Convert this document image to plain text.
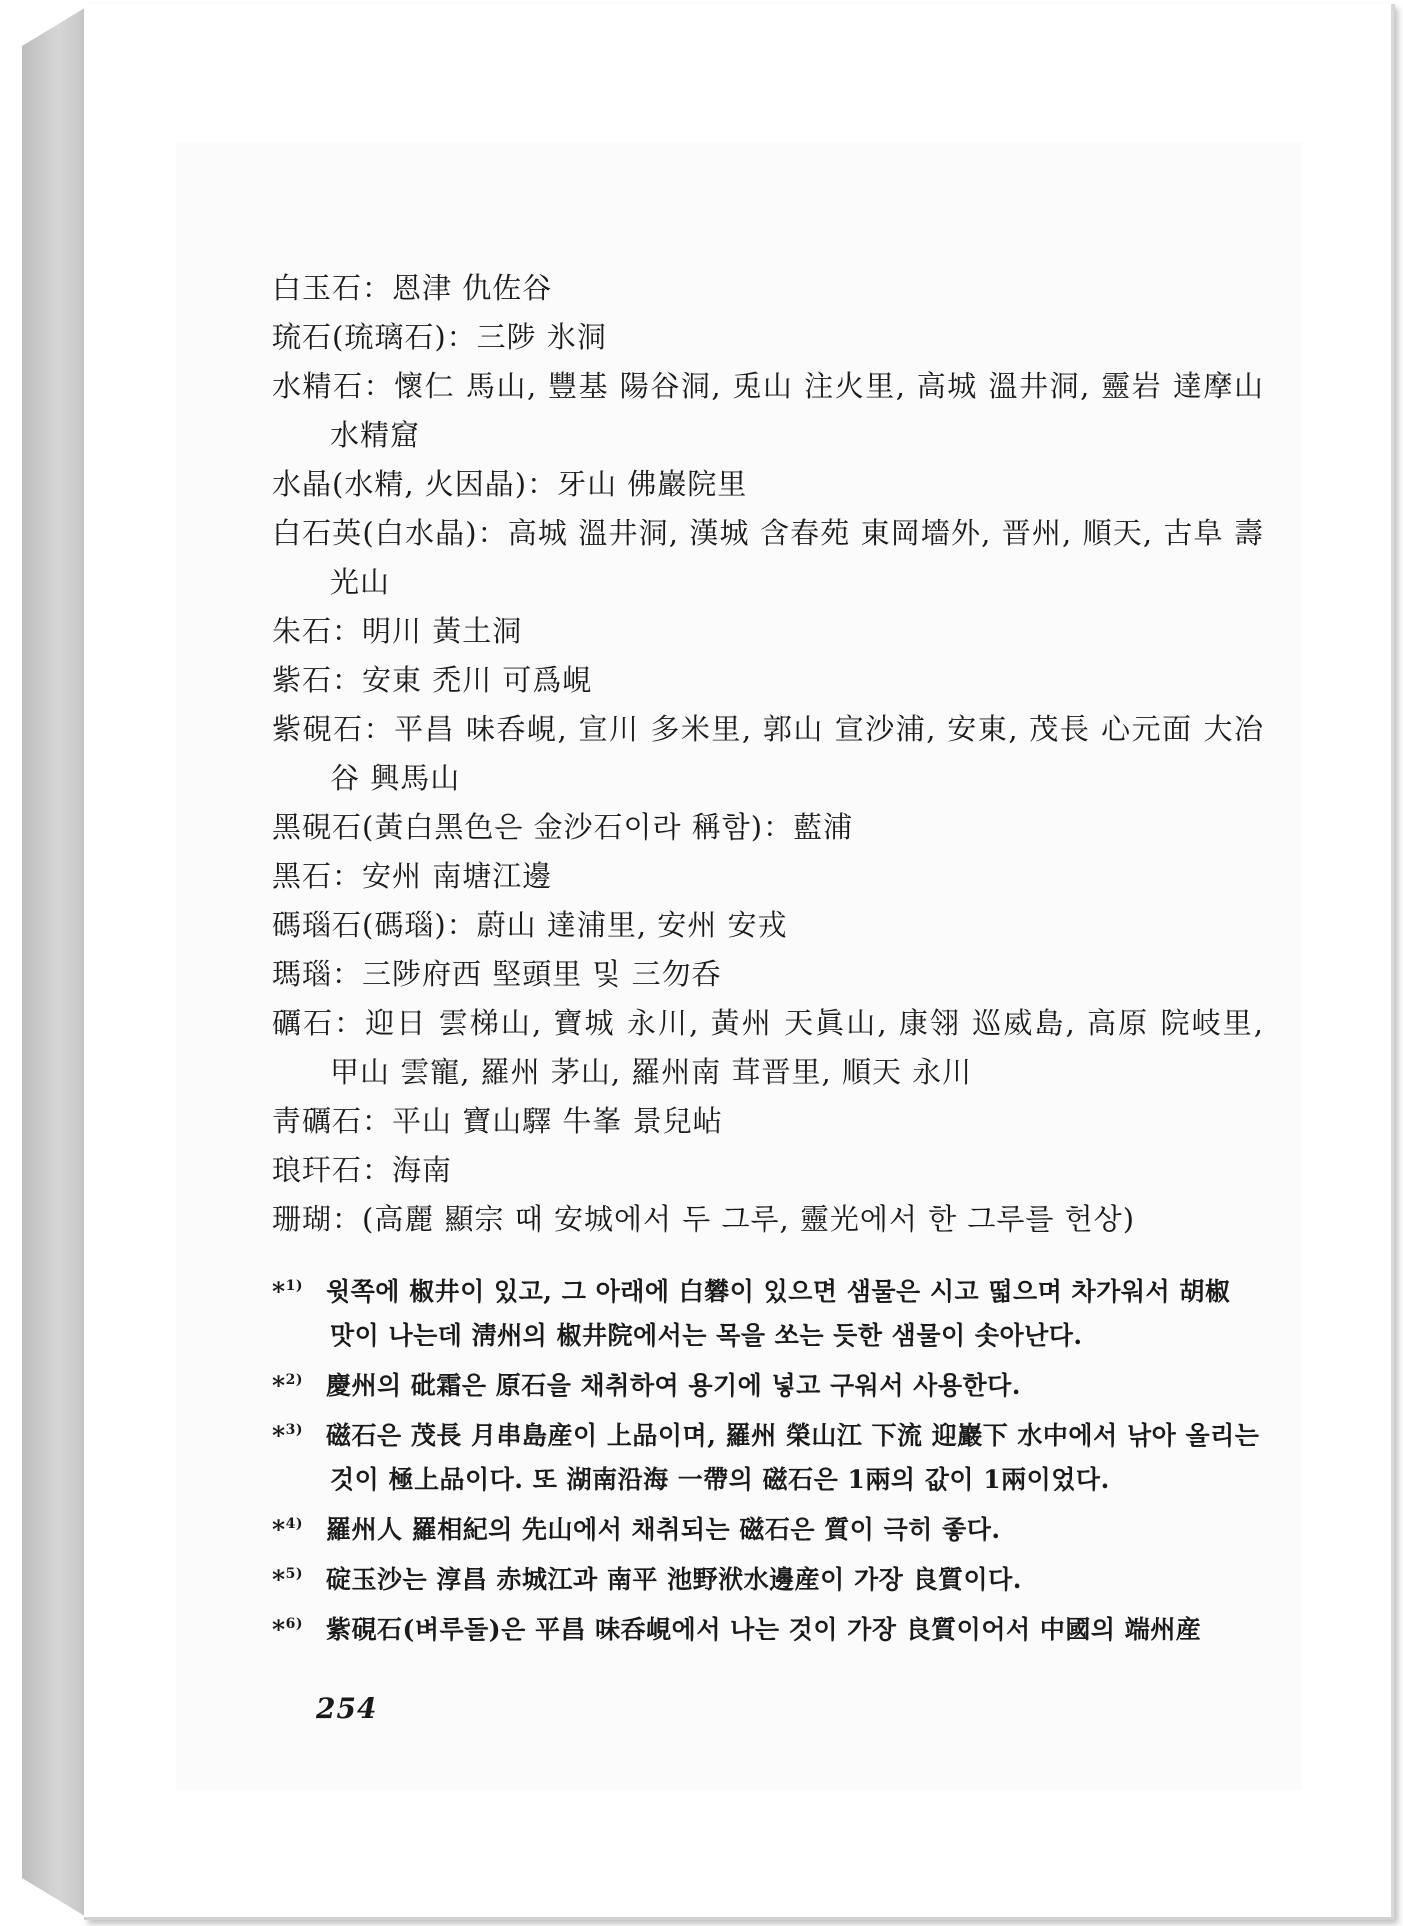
白玉石：恩津 仇佐谷

琉石(琉璃石)：三陟 氷洞

水精石：懷仁 馬山, 豐基 陽谷洞, 兎山 注火里, 高城 溫井洞, 靈岩 達摩山 水精窟

水晶(水精, 火因晶)：牙山 佛巖院里

白石英(白水晶)：高城 溫井洞, 漢城 含春苑 東岡墻外, 晋州, 順天, 古阜 壽光山

朱石：明川 黃土洞

紫石：安東 禿川 可爲峴

紫硯石：平昌 味呑峴, 宣川 多米里, 郭山 宣沙浦, 安東, 茂長 心元面 大冶谷 興馬山

黑硯石(黃白黑色은 金沙石이라 稱함)：藍浦

黑石：安州 南塘江邊

碼瑙石(碼瑙)：蔚山 達浦里, 安州 安戎

瑪瑙：三陟府西 堅頭里 및 三勿呑

礪石：迎日 雲梯山, 寶城 永川, 黃州 天眞山, 康翎 巡威島, 高原 院岐里, 甲山 雲寵, 羅州 茅山, 羅州南 茸晋里, 順天 永川

靑礪石：平山 寶山驛 牛峯 景兒岾

琅玕石：海南

珊瑚：(高麗 顯宗 때 安城에서 두 그루, 靈光에서 한 그루를 헌상)

*$^{1)}$ 윗쪽에 椒井이 있고, 그 아래에 白礬이 있으면 샘물은 시고 떫으며 차가워서 胡椒 맛이 나는데 淸州의 椒井院에서는 목을 쏘는 듯한 샘물이 솟아난다.

*$^{2)}$ 慶州의 砒霜은 原石을 채취하여 용기에 넣고 구워서 사용한다.

*$^{3)}$ 磁石은 茂長 月串島産이 上品이며, 羅州 榮山江 下流 迎巖下 水中에서 낚아 올리는 것이 極上品이다. 또 湖南沿海 一帶의 磁石은 1兩의 값이 1兩이었다.

*$^{4)}$ 羅州人 羅相紀의 先山에서 채취되는 磁石은 質이 극히 좋다.

*$^{5)}$ 碇玉沙는 淳昌 赤城江과 南平 池野洑水邊産이 가장 良質이다.

*$^{6)}$ 紫硯石(벼루돌)은 平昌 味呑峴에서 나는 것이 가장 良質이어서 中國의 端州産

254
